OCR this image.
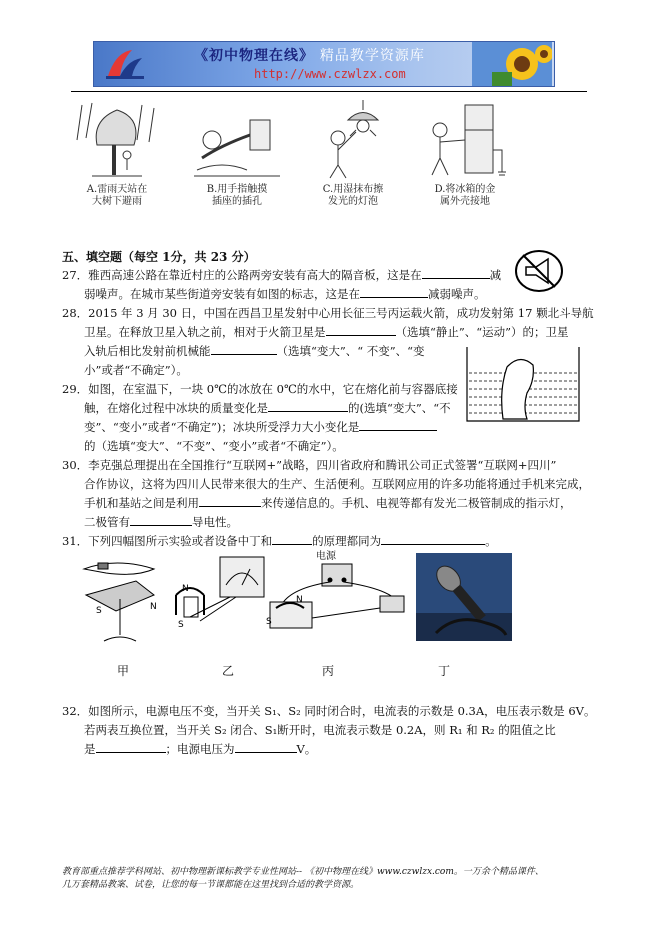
《初中物理在线》 精品教学资源库
http://www.czwlzx.com
A.雷雨天站在
大树下避雨
B.用手指触摸
插座的插孔
C.用湿抹布擦
发光的灯泡
D.将冰箱的金
属外壳接地
五、填空题（每空 1分，共 23 分）
27．雅西高速公路在靠近村庄的公路两旁安装有高大的隔音板，这是在	减
弱噪声。在城市某些街道旁安装有如图的标志，这是在	减弱噪声。
28．2015 年 3 月 30 日，中国在西昌卫星发射中心用长征三号丙运载火箭，成功发射第 17 颗北斗导航
卫星。在释放卫星入轨之前，相对于火箭卫星是	（选填“静止”、“运动”）的；卫星
入轨后相比发射前机械能	（选填“变大”、“ 不变”、“变
小”或者“不确定”）。
29．如图，在室温下，一块 0℃的冰放在 0℃的水中，它在熔化前与容器底接
触，在熔化过程中冰块的质量变化是	的(选填“变大”、“不
变”、“变小”或者“不确定”)；冰块所受浮力大小变化是
的（选填“变大”、“不变”、“变小”或者“不确定”）。
30．李克强总理提出在全国推行“互联网+”战略，四川省政府和腾讯公司正式签署“互联网+四川”
合作协议，这将为四川人民带来很大的生产、生活便利。互联网应用的许多功能将通过手机来完成，
手机和基站之间是利用	来传递信息的。手机、电视等都有发光二极管制成的指示灯，
二极管有	导电性。
31．下列四幅图所示实验或者设备中丁和	的原理都同为	。
S	N
N
S
电源
S
N
甲	乙	丙	丁
32．如图所示，电源电压不变，当开关 S₁、S₂ 同时闭合时，电流表的示数是 0.3A，电压表示数是 6V。
若两表互换位置，当开关 S₂ 闭合、S₁断开时，电流表示数是 0.2A，则 R₁ 和 R₂ 的阻值之比
是	；电源电压为	V。
教育部重点推荐学科网站、初中物理新课标教学专业性网站-- 《初中物理在线》www.czwlzx.com。一万余个精品课件、
几万套精品教案、试卷，让您的每一节课都能在这里找到合适的教学资源。
